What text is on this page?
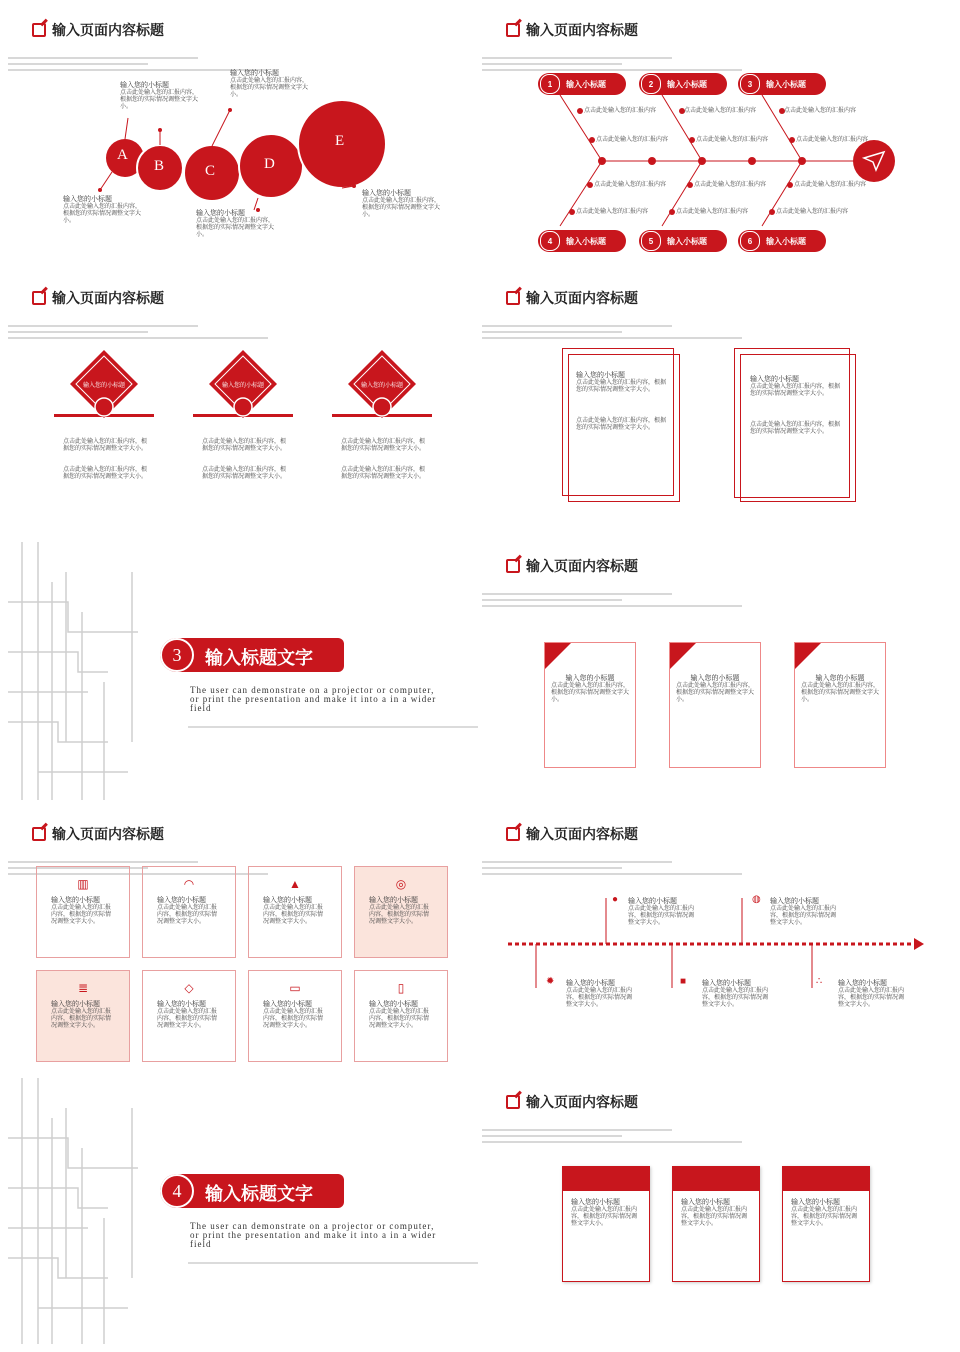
输入页面内容标题
A
B	C	D
E
输入您的小标题
点击此处输入您的汇报内容，根据您的实际情况调整文字大小。
输入您的小标题
点击此处输入您的汇报内容，根据您的实际情况调整文字大小。
输入您的小标题
点击此处输入您的汇报内容，根据您的实际情况调整文字大小。
输入您的小标题
点击此处输入您的汇报内容，根据您的实际情况调整文字大小。
输入您的小标题
点击此处输入您的汇报内容，根据您的实际情况调整文字大小。
输入页面内容标题
1	输入小标题	2	输入小标题	3	输入小标题
4	输入小标题	5	输入小标题	6	输入小标题
点击此处输入您的汇报内容	点击此处输入您的汇报内容	点击此处输入您的汇报内容
点击此处输入您的汇报内容	点击此处输入您的汇报内容	点击此处输入您的汇报内容
点击此处输入您的汇报内容	点击此处输入您的汇报内容	点击此处输入您的汇报内容
点击此处输入您的汇报内容	点击此处输入您的汇报内容	点击此处输入您的汇报内容
输入页面内容标题
输入您的小标题	输入您的小标题	输入您的小标题
点击此处输入您的汇报内容，根据您的实际情况调整文字大小。
点击此处输入您的汇报内容，根据您的实际情况调整文字大小。
点击此处输入您的汇报内容，根据您的实际情况调整文字大小。
点击此处输入您的汇报内容，根据您的实际情况调整文字大小。
点击此处输入您的汇报内容，根据您的实际情况调整文字大小。
点击此处输入您的汇报内容，根据您的实际情况调整文字大小。
输入页面内容标题
输入您的小标题
点击此处输入您的汇报内容，根据您的实际情况调整文字大小。
点击此处输入您的汇报内容，根据您的实际情况调整文字大小。
输入您的小标题
点击此处输入您的汇报内容，根据您的实际情况调整文字大小。
点击此处输入您的汇报内容，根据您的实际情况调整文字大小。
3	输入标题文字
The user can demonstrate on a projector or computer, or print the presentation and make it into a in a wider field
输入页面内容标题
输入您的小标题
点击此处输入您的汇报内容，根据您的实际情况调整文字大小。
输入您的小标题
点击此处输入您的汇报内容，根据您的实际情况调整文字大小。
输入您的小标题
点击此处输入您的汇报内容，根据您的实际情况调整文字大小。
输入页面内容标题
▥
输入您的小标题
点击此处输入您的汇报内容，根据您的实际情况调整文字大小。
◠
输入您的小标题
点击此处输入您的汇报内容，根据您的实际情况调整文字大小。
▲
输入您的小标题
点击此处输入您的汇报内容，根据您的实际情况调整文字大小。
◎
输入您的小标题
点击此处输入您的汇报内容，根据您的实际情况调整文字大小。
≣
输入您的小标题
点击此处输入您的汇报内容，根据您的实际情况调整文字大小。
◇
输入您的小标题
点击此处输入您的汇报内容，根据您的实际情况调整文字大小。
▭
输入您的小标题
点击此处输入您的汇报内容，根据您的实际情况调整文字大小。
▯
输入您的小标题
点击此处输入您的汇报内容，根据您的实际情况调整文字大小。
输入页面内容标题
● 输入您的小标题
点击此处输入您的汇报内容，根据您的实际情况调整文字大小。
◍ 输入您的小标题
点击此处输入您的汇报内容，根据您的实际情况调整文字大小。
✹ 输入您的小标题
点击此处输入您的汇报内容，根据您的实际情况调整文字大小。
■ 输入您的小标题
点击此处输入您的汇报内容，根据您的实际情况调整文字大小。
∴ 输入您的小标题
点击此处输入您的汇报内容，根据您的实际情况调整文字大小。
4	输入标题文字
The user can demonstrate on a projector or computer, or print the presentation and make it into a in a wider field
输入页面内容标题
输入您的小标题
点击此处输入您的汇报内容，根据您的实际情况调整文字大小。
输入您的小标题
点击此处输入您的汇报内容，根据您的实际情况调整文字大小。
输入您的小标题
点击此处输入您的汇报内容，根据您的实际情况调整文字大小。
